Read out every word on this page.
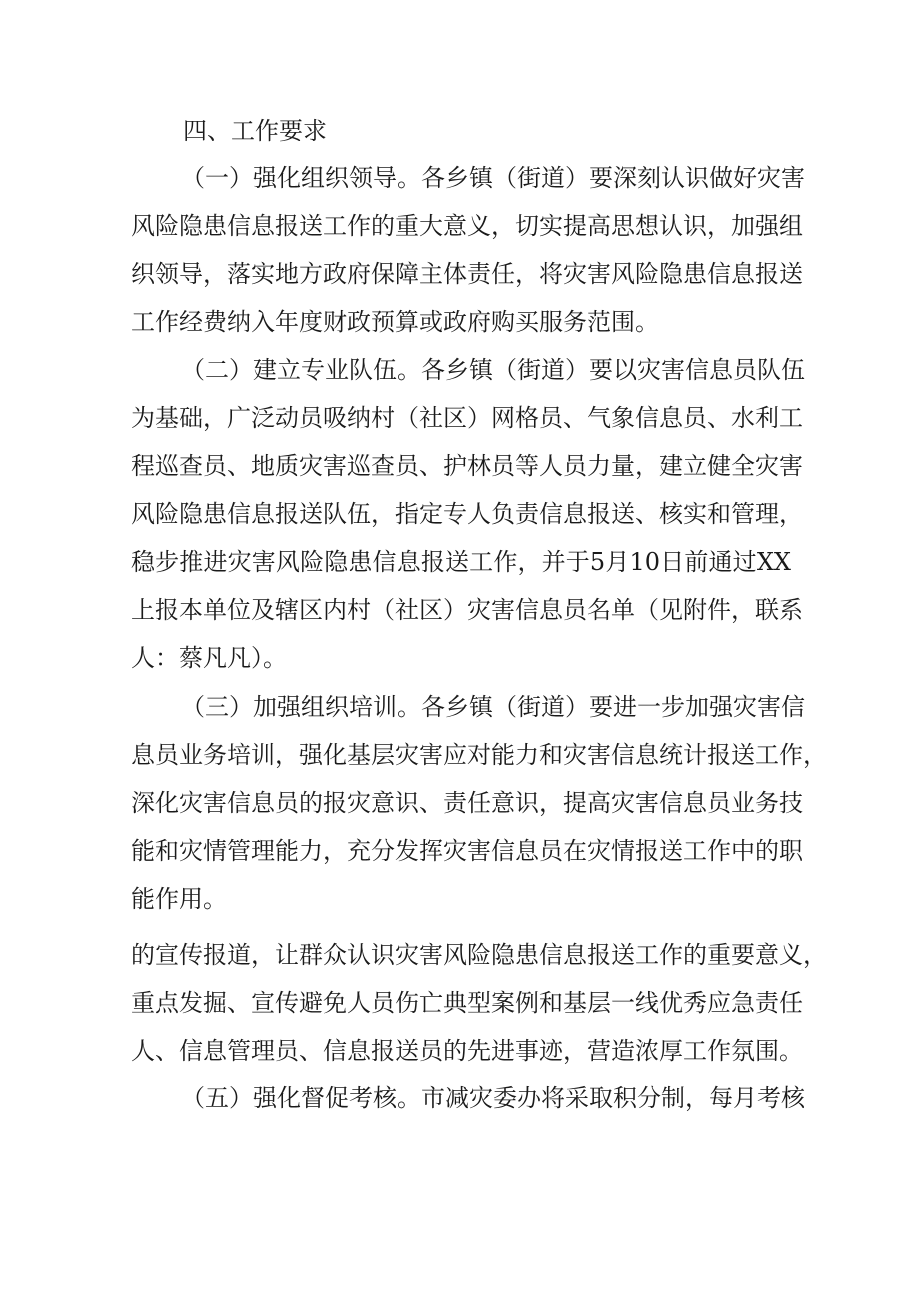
四、工作要求
（一）强化组织领导。各乡镇（街道）要深刻认识做好灾害
风险隐患信息报送工作的重大意义，切实提高思想认识，加强组
织领导，落实地方政府保障主体责任，将灾害风险隐患信息报送
工作经费纳入年度财政预算或政府购买服务范围。
（二）建立专业队伍。各乡镇（街道）要以灾害信息员队伍
为基础，广泛动员吸纳村（社区）网格员、气象信息员、水利工
程巡查员、地质灾害巡查员、护林员等人员力量，建立健全灾害
风险隐患信息报送队伍，指定专人负责信息报送、核实和管理，
稳步推进灾害风险隐患信息报送工作，并于5月10日前通过XX
上报本单位及辖区内村（社区）灾害信息员名单（见附件，联系
人：蔡凡凡）。
（三）加强组织培训。各乡镇（街道）要进一步加强灾害信
息员业务培训，强化基层灾害应对能力和灾害信息统计报送工作，
深化灾害信息员的报灾意识、责任意识，提高灾害信息员业务技
能和灾情管理能力，充分发挥灾害信息员在灾情报送工作中的职
能作用。
的宣传报道，让群众认识灾害风险隐患信息报送工作的重要意义，
重点发掘、宣传避免人员伤亡典型案例和基层一线优秀应急责任
人、信息管理员、信息报送员的先进事迹，营造浓厚工作氛围。
（五）强化督促考核。市减灾委办将采取积分制，每月考核
